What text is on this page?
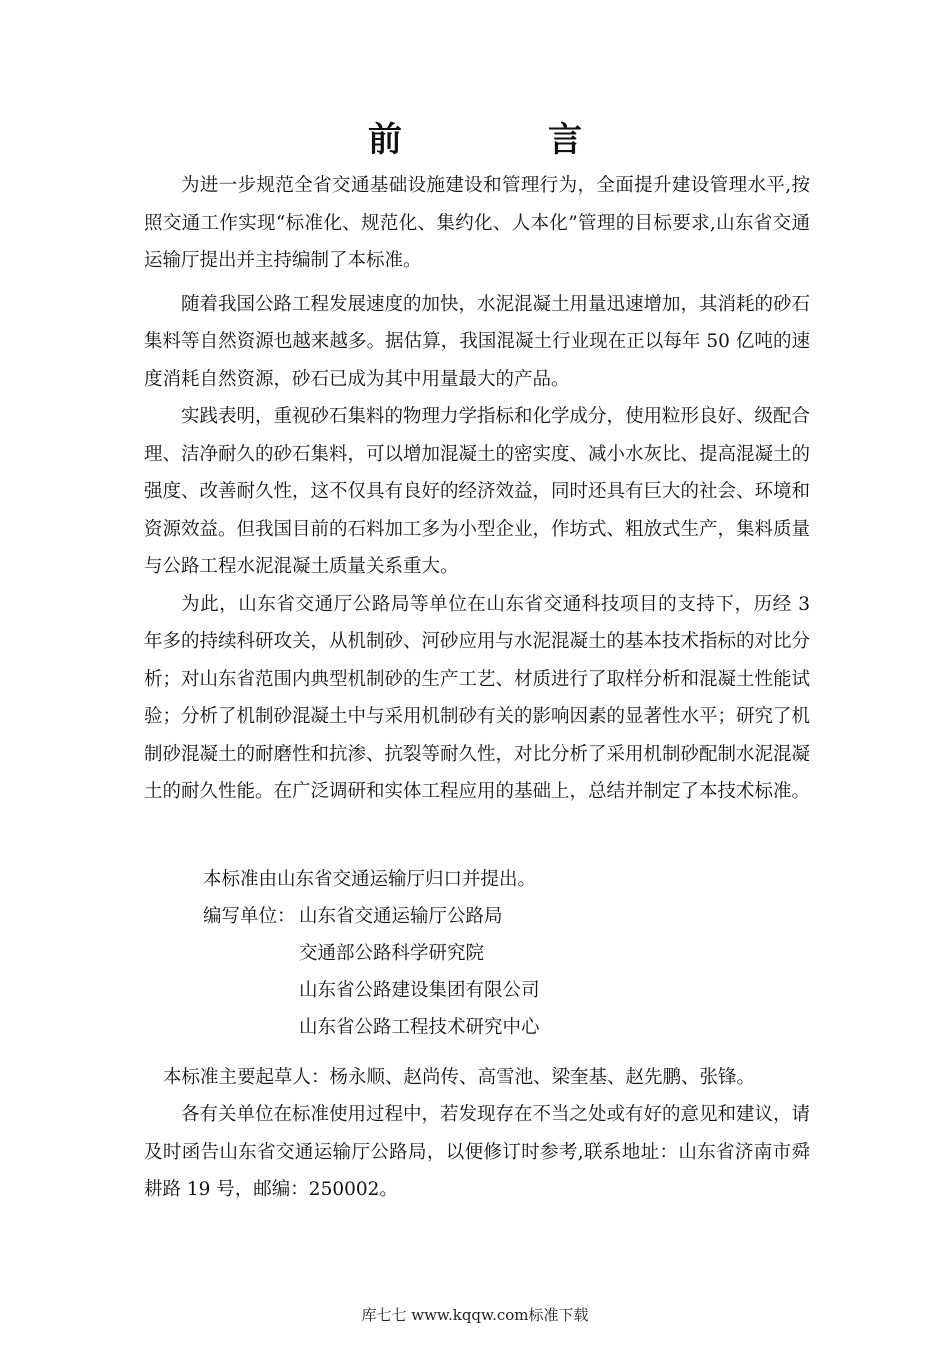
前　言

为进一步规范全省交通基础设施建设和管理行为，全面提升建设管理水平,按照交通工作实现“标准化、规范化、集约化、人本化”管理的目标要求,山东省交通运输厅提出并主持编制了本标准。

随着我国公路工程发展速度的加快，水泥混凝土用量迅速增加，其消耗的砂石集料等自然资源也越来越多。据估算，我国混凝土行业现在正以每年 50 亿吨的速度消耗自然资源，砂石已成为其中用量最大的产品。

实践表明，重视砂石集料的物理力学指标和化学成分，使用粒形良好、级配合理、洁净耐久的砂石集料，可以增加混凝土的密实度、减小水灰比、提高混凝土的强度、改善耐久性，这不仅具有良好的经济效益，同时还具有巨大的社会、环境和资源效益。但我国目前的石料加工多为小型企业，作坊式、粗放式生产，集料质量与公路工程水泥混凝土质量关系重大。

为此，山东省交通厅公路局等单位在山东省交通科技项目的支持下，历经 3 年多的持续科研攻关，从机制砂、河砂应用与水泥混凝土的基本技术指标的对比分析；对山东省范围内典型机制砂的生产工艺、材质进行了取样分析和混凝土性能试验；分析了机制砂混凝土中与采用机制砂有关的影响因素的显著性水平；研究了机制砂混凝土的耐磨性和抗渗、抗裂等耐久性，对比分析了采用机制砂配制水泥混凝土的耐久性能。在广泛调研和实体工程应用的基础上，总结并制定了本技术标准。

本标准由山东省交通运输厅归口并提出。
编写单位： 山东省交通运输厅公路局
交通部公路科学研究院
山东省公路建设集团有限公司
山东省公路工程技术研究中心
本标准主要起草人：杨永顺、赵尚传、高雪池、梁奎基、赵先鹏、张锋。

各有关单位在标准使用过程中，若发现存在不当之处或有好的意见和建议，请及时函告山东省交通运输厅公路局，以便修订时参考,联系地址：山东省济南市舜耕路 19 号，邮编：250002。

库七七 www.kqqw.com标准下载
